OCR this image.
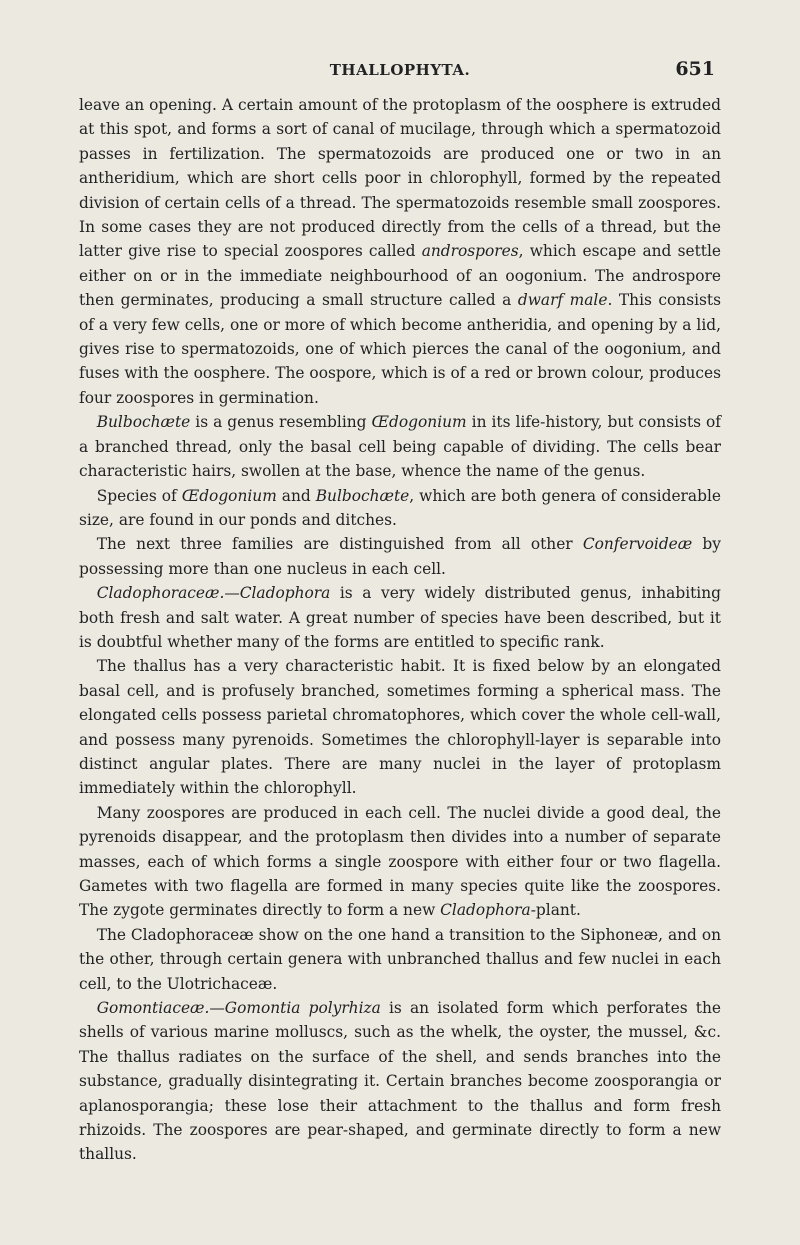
THALLOPHYTA.	651

leave an opening. A certain amount of the protoplasm of the oosphere is extruded at this spot, and forms a sort of canal of mucilage, through which a spermatozoid passes in fertilization. The spermatozoids are produced one or two in an antheridium, which are short cells poor in chlorophyll, formed by the repeated division of certain cells of a thread. The spermatozoids resemble small zoospores. In some cases they are not produced directly from the cells of a thread, but the latter give rise to special zoospores called androspores, which escape and settle either on or in the immediate neighbourhood of an oogonium. The androspore then germinates, producing a small structure called a dwarf male. This consists of a very few cells, one or more of which become antheridia, and opening by a lid, gives rise to spermatozoids, one of which pierces the canal of the oogonium, and fuses with the oosphere. The oospore, which is of a red or brown colour, produces four zoospores in germination.

Bulbochæte is a genus resembling Œdogonium in its life-history, but consists of a branched thread, only the basal cell being capable of dividing. The cells bear characteristic hairs, swollen at the base, whence the name of the genus.

Species of Œdogonium and Bulbochæte, which are both genera of considerable size, are found in our ponds and ditches.

The next three families are distinguished from all other Confervoideæ by possessing more than one nucleus in each cell.

Cladophoraceæ.—Cladophora is a very widely distributed genus, inhabiting both fresh and salt water. A great number of species have been described, but it is doubtful whether many of the forms are entitled to specific rank.

The thallus has a very characteristic habit. It is fixed below by an elongated basal cell, and is profusely branched, sometimes forming a spherical mass. The elongated cells possess parietal chromatophores, which cover the whole cell-wall, and possess many pyrenoids. Sometimes the chlorophyll-layer is separable into distinct angular plates. There are many nuclei in the layer of protoplasm immediately within the chlorophyll.

Many zoospores are produced in each cell. The nuclei divide a good deal, the pyrenoids disappear, and the protoplasm then divides into a number of separate masses, each of which forms a single zoospore with either four or two flagella. Gametes with two flagella are formed in many species quite like the zoospores. The zygote germinates directly to form a new Cladophora-plant.

The Cladophoraceæ show on the one hand a transition to the Siphoneæ, and on the other, through certain genera with unbranched thallus and few nuclei in each cell, to the Ulotrichaceæ.

Gomontiaceæ.—Gomontia polyrhiza is an isolated form which perforates the shells of various marine molluscs, such as the whelk, the oyster, the mussel, &c. The thallus radiates on the surface of the shell, and sends branches into the substance, gradually disintegrating it. Certain branches become zoosporangia or aplanosporangia; these lose their attachment to the thallus and form fresh rhizoids. The zoospores are pear-shaped, and germinate directly to form a new thallus.
